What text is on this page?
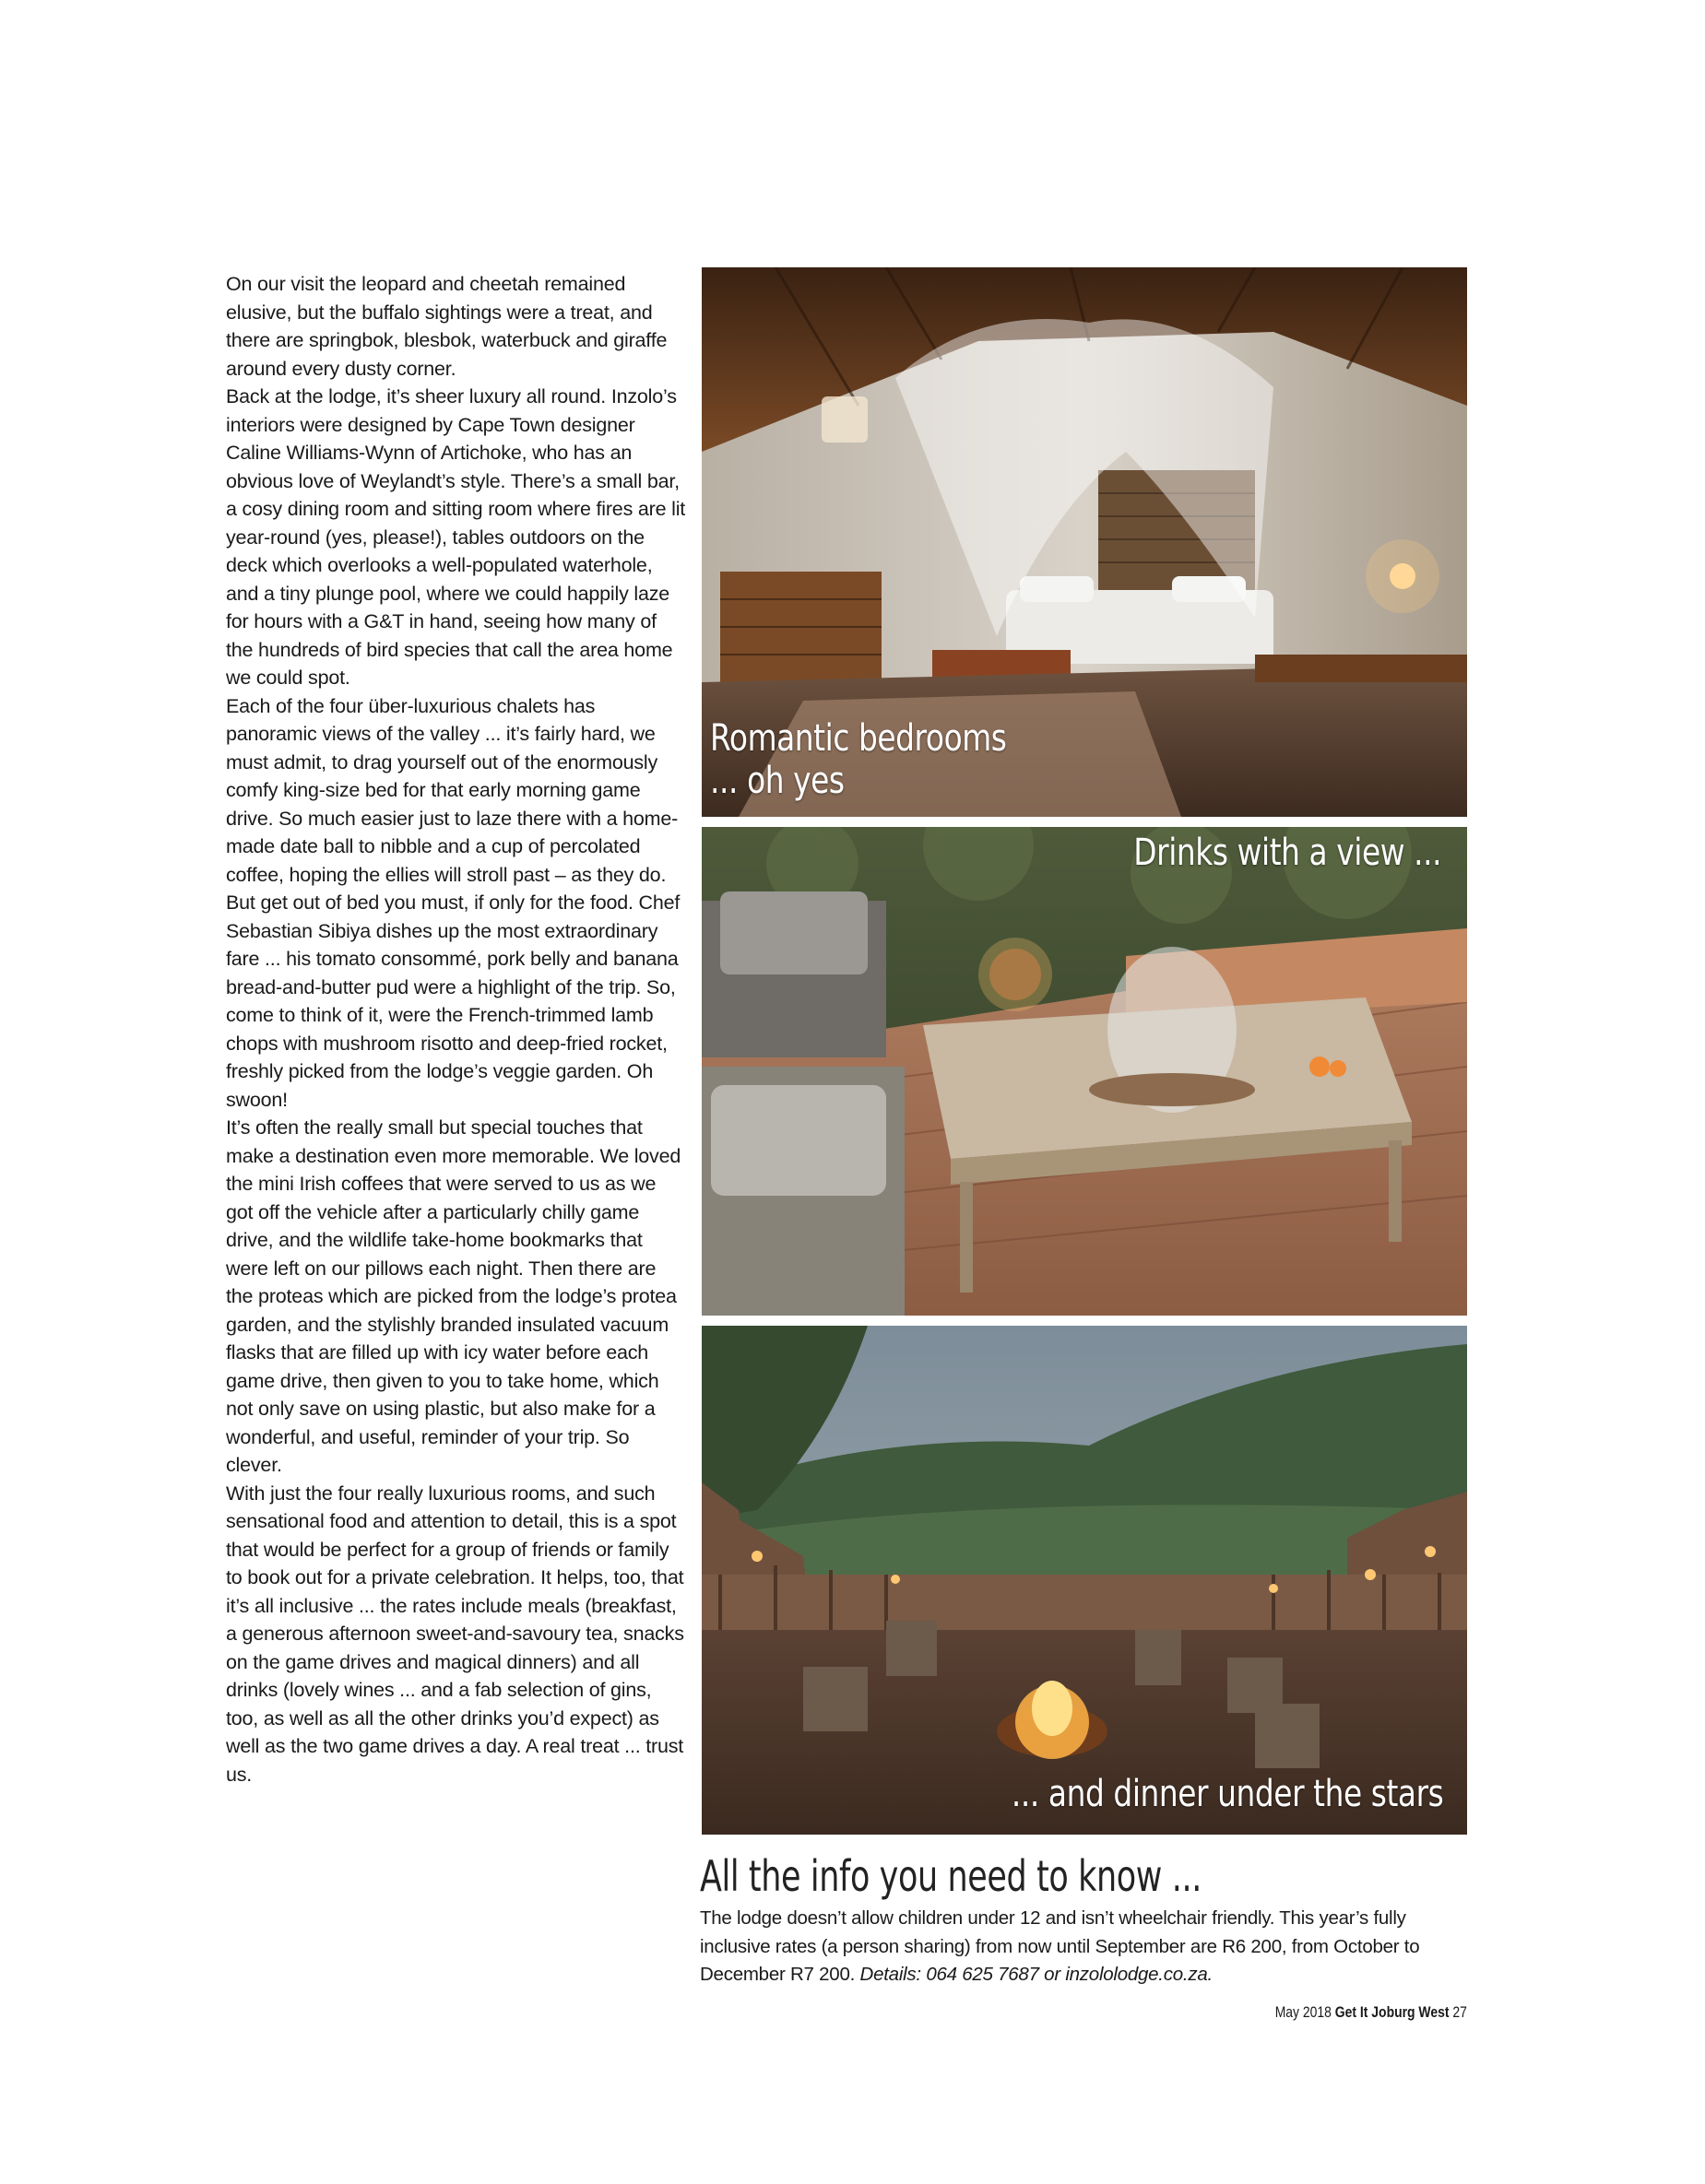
On our visit the leopard and cheetah remained elusive, but the buffalo sightings were a treat, and there are springbok, blesbok, waterbuck and giraffe around every dusty corner.

Back at the lodge, it’s sheer luxury all round. Inzolo’s interiors were designed by Cape Town designer Caline Williams-Wynn of Artichoke, who has an obvious love of Weylandt’s style. There’s a small bar, a cosy dining room and sitting room where fires are lit year-round (yes, please!), tables outdoors on the deck which overlooks a well-populated waterhole, and a tiny plunge pool, where we could happily laze for hours with a G&T in hand, seeing how many of the hundreds of bird species that call the area home we could spot.

Each of the four über-luxurious chalets has panoramic views of the valley ... it’s fairly hard, we must admit, to drag yourself out of the enormously comfy king-size bed for that early morning game drive. So much easier just to laze there with a home-made date ball to nibble and a cup of percolated coffee, hoping the ellies will stroll past – as they do.

But get out of bed you must, if only for the food. Chef Sebastian Sibiya dishes up the most extraordinary fare ... his tomato consommé, pork belly and banana bread-and-butter pud were a highlight of the trip. So, come to think of it, were the French-trimmed lamb chops with mushroom risotto and deep-fried rocket, freshly picked from the lodge’s veggie garden. Oh swoon!

It’s often the really small but special touches that make a destination even more memorable. We loved the mini Irish coffees that were served to us as we got off the vehicle after a particularly chilly game drive, and the wildlife take-home bookmarks that were left on our pillows each night. Then there are the proteas which are picked from the lodge’s protea garden, and the stylishly branded insulated vacuum flasks that are filled up with icy water before each game drive, then given to you to take home, which not only save on using plastic, but also make for a wonderful, and useful, reminder of your trip. So clever.

With just the four really luxurious rooms, and such sensational food and attention to detail, this is a spot that would be perfect for a group of friends or family to book out for a private celebration. It helps, too, that it’s all inclusive ... the rates include meals (breakfast, a generous afternoon sweet-and-savoury tea, snacks on the game drives and magical dinners) and all drinks (lovely wines ... and a fab selection of gins, too, as well as all the other drinks you’d expect) as well as the two game drives a day. A real treat ... trust us.

Romantic bedrooms
... oh yes
Drinks with a view ...
... and dinner under the stars
All the info you need to know ...
The lodge doesn’t allow children under 12 and isn’t wheelchair friendly. This year’s fully inclusive rates (a person sharing) from now until September are R6 200, from October to December R7 200. Details: 064 625 7687 or inzololodge.co.za.
May 2018 Get It Joburg West 27
